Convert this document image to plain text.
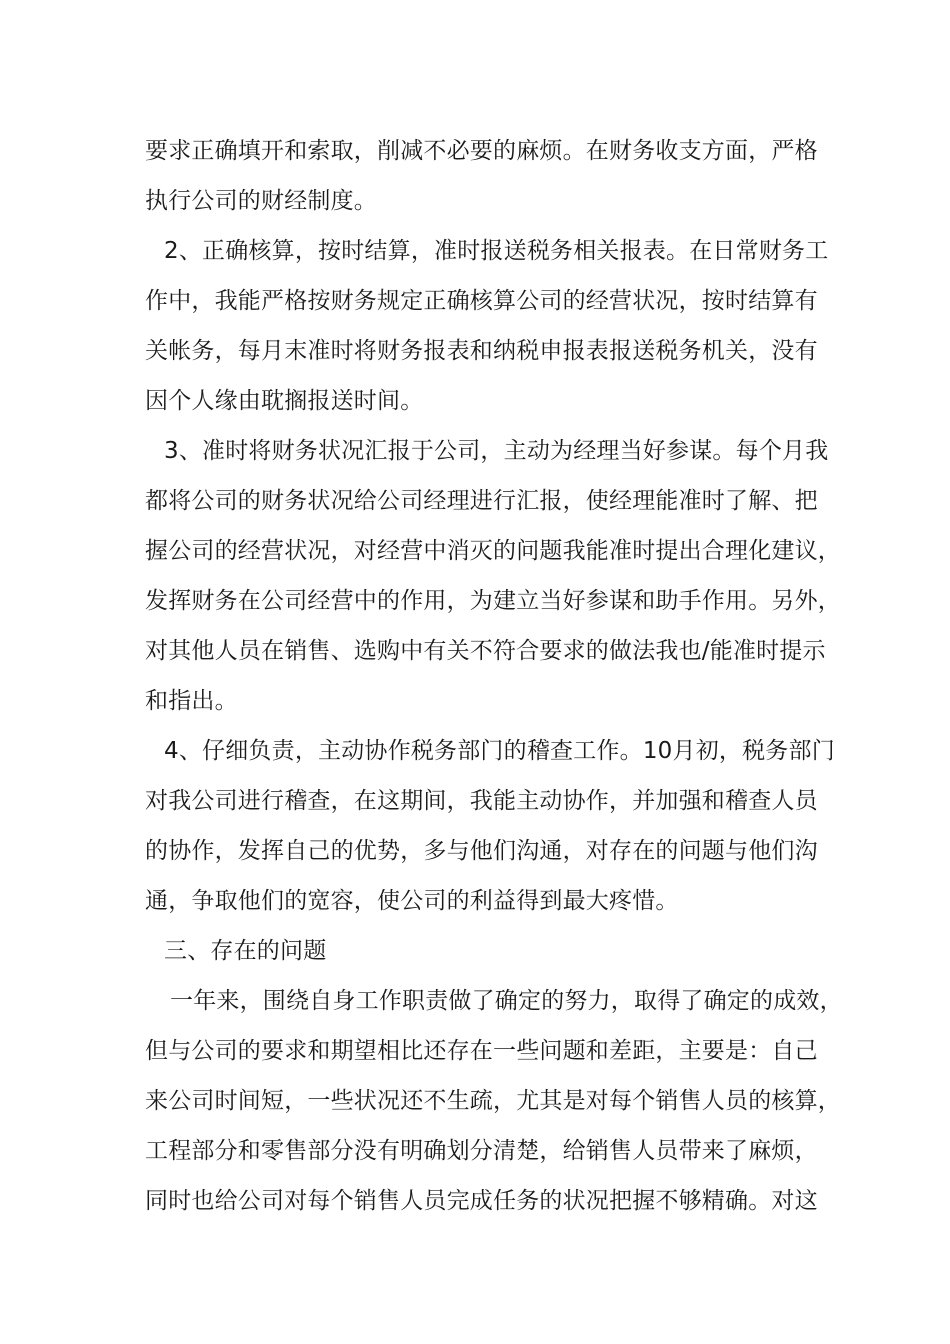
要求正确填开和索取，削减不必要的麻烦。在财务收支方面，严格
执行公司的财经制度。
2、正确核算，按时结算，准时报送税务相关报表。在日常财务工
作中，我能严格按财务规定正确核算公司的经营状况，按时结算有
关帐务，每月末准时将财务报表和纳税申报表报送税务机关，没有
因个人缘由耽搁报送时间。
3、准时将财务状况汇报于公司，主动为经理当好参谋。每个月我
都将公司的财务状况给公司经理进行汇报，使经理能准时了解、把
握公司的经营状况，对经营中消灭的问题我能准时提出合理化建议，
发挥财务在公司经营中的作用，为建立当好参谋和助手作用。另外，
对其他人员在销售、选购中有关不符合要求的做法我也/能准时提示
和指出。
4、仔细负责，主动协作税务部门的稽查工作。10月初，税务部门
对我公司进行稽查，在这期间，我能主动协作，并加强和稽查人员
的协作，发挥自己的优势，多与他们沟通，对存在的问题与他们沟
通，争取他们的宽容，使公司的利益得到最大疼惜。
三、存在的问题
一年来，围绕自身工作职责做了确定的努力，取得了确定的成效，
但与公司的要求和期望相比还存在一些问题和差距，主要是：自己
来公司时间短，一些状况还不生疏，尤其是对每个销售人员的核算，
工程部分和零售部分没有明确划分清楚，给销售人员带来了麻烦，
同时也给公司对每个销售人员完成任务的状况把握不够精确。对这
